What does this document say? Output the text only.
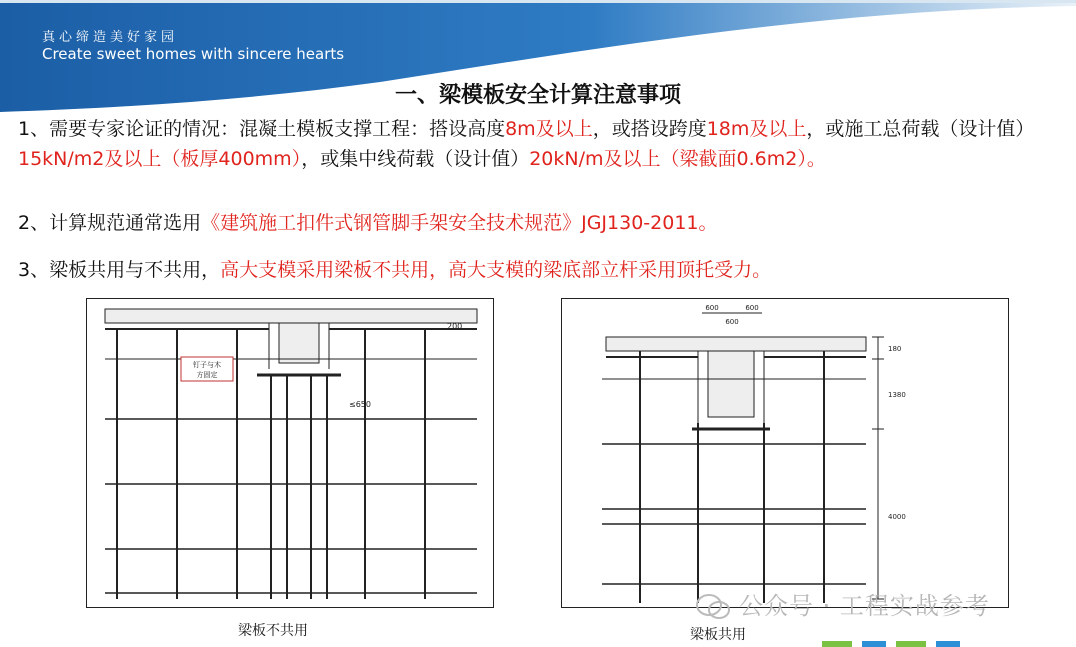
真心缔造美好家园
Create sweet homes with sincere hearts
一、梁模板安全计算注意事项
1、需要专家论证的情况：混凝土模板支撑工程：搭设高度8m及以上，或搭设跨度18m及以上，或施工总荷载（设计值）15kN/m2及以上（板厚400mm），或集中线荷载（设计值）20kN/m及以上（梁截面0.6m2）。
2、计算规范通常选用《建筑施工扣件式钢管脚手架安全技术规范》JGJ130-2011。
3、梁板共用与不共用，高大支模采用梁板不共用，高大支模的梁底部立杆采用顶托受力。
钉子与木
方固定
200
≤650
梁板不共用
600	600
600
180
1380
4000
梁板共用
公众号 · 工程实战参考
